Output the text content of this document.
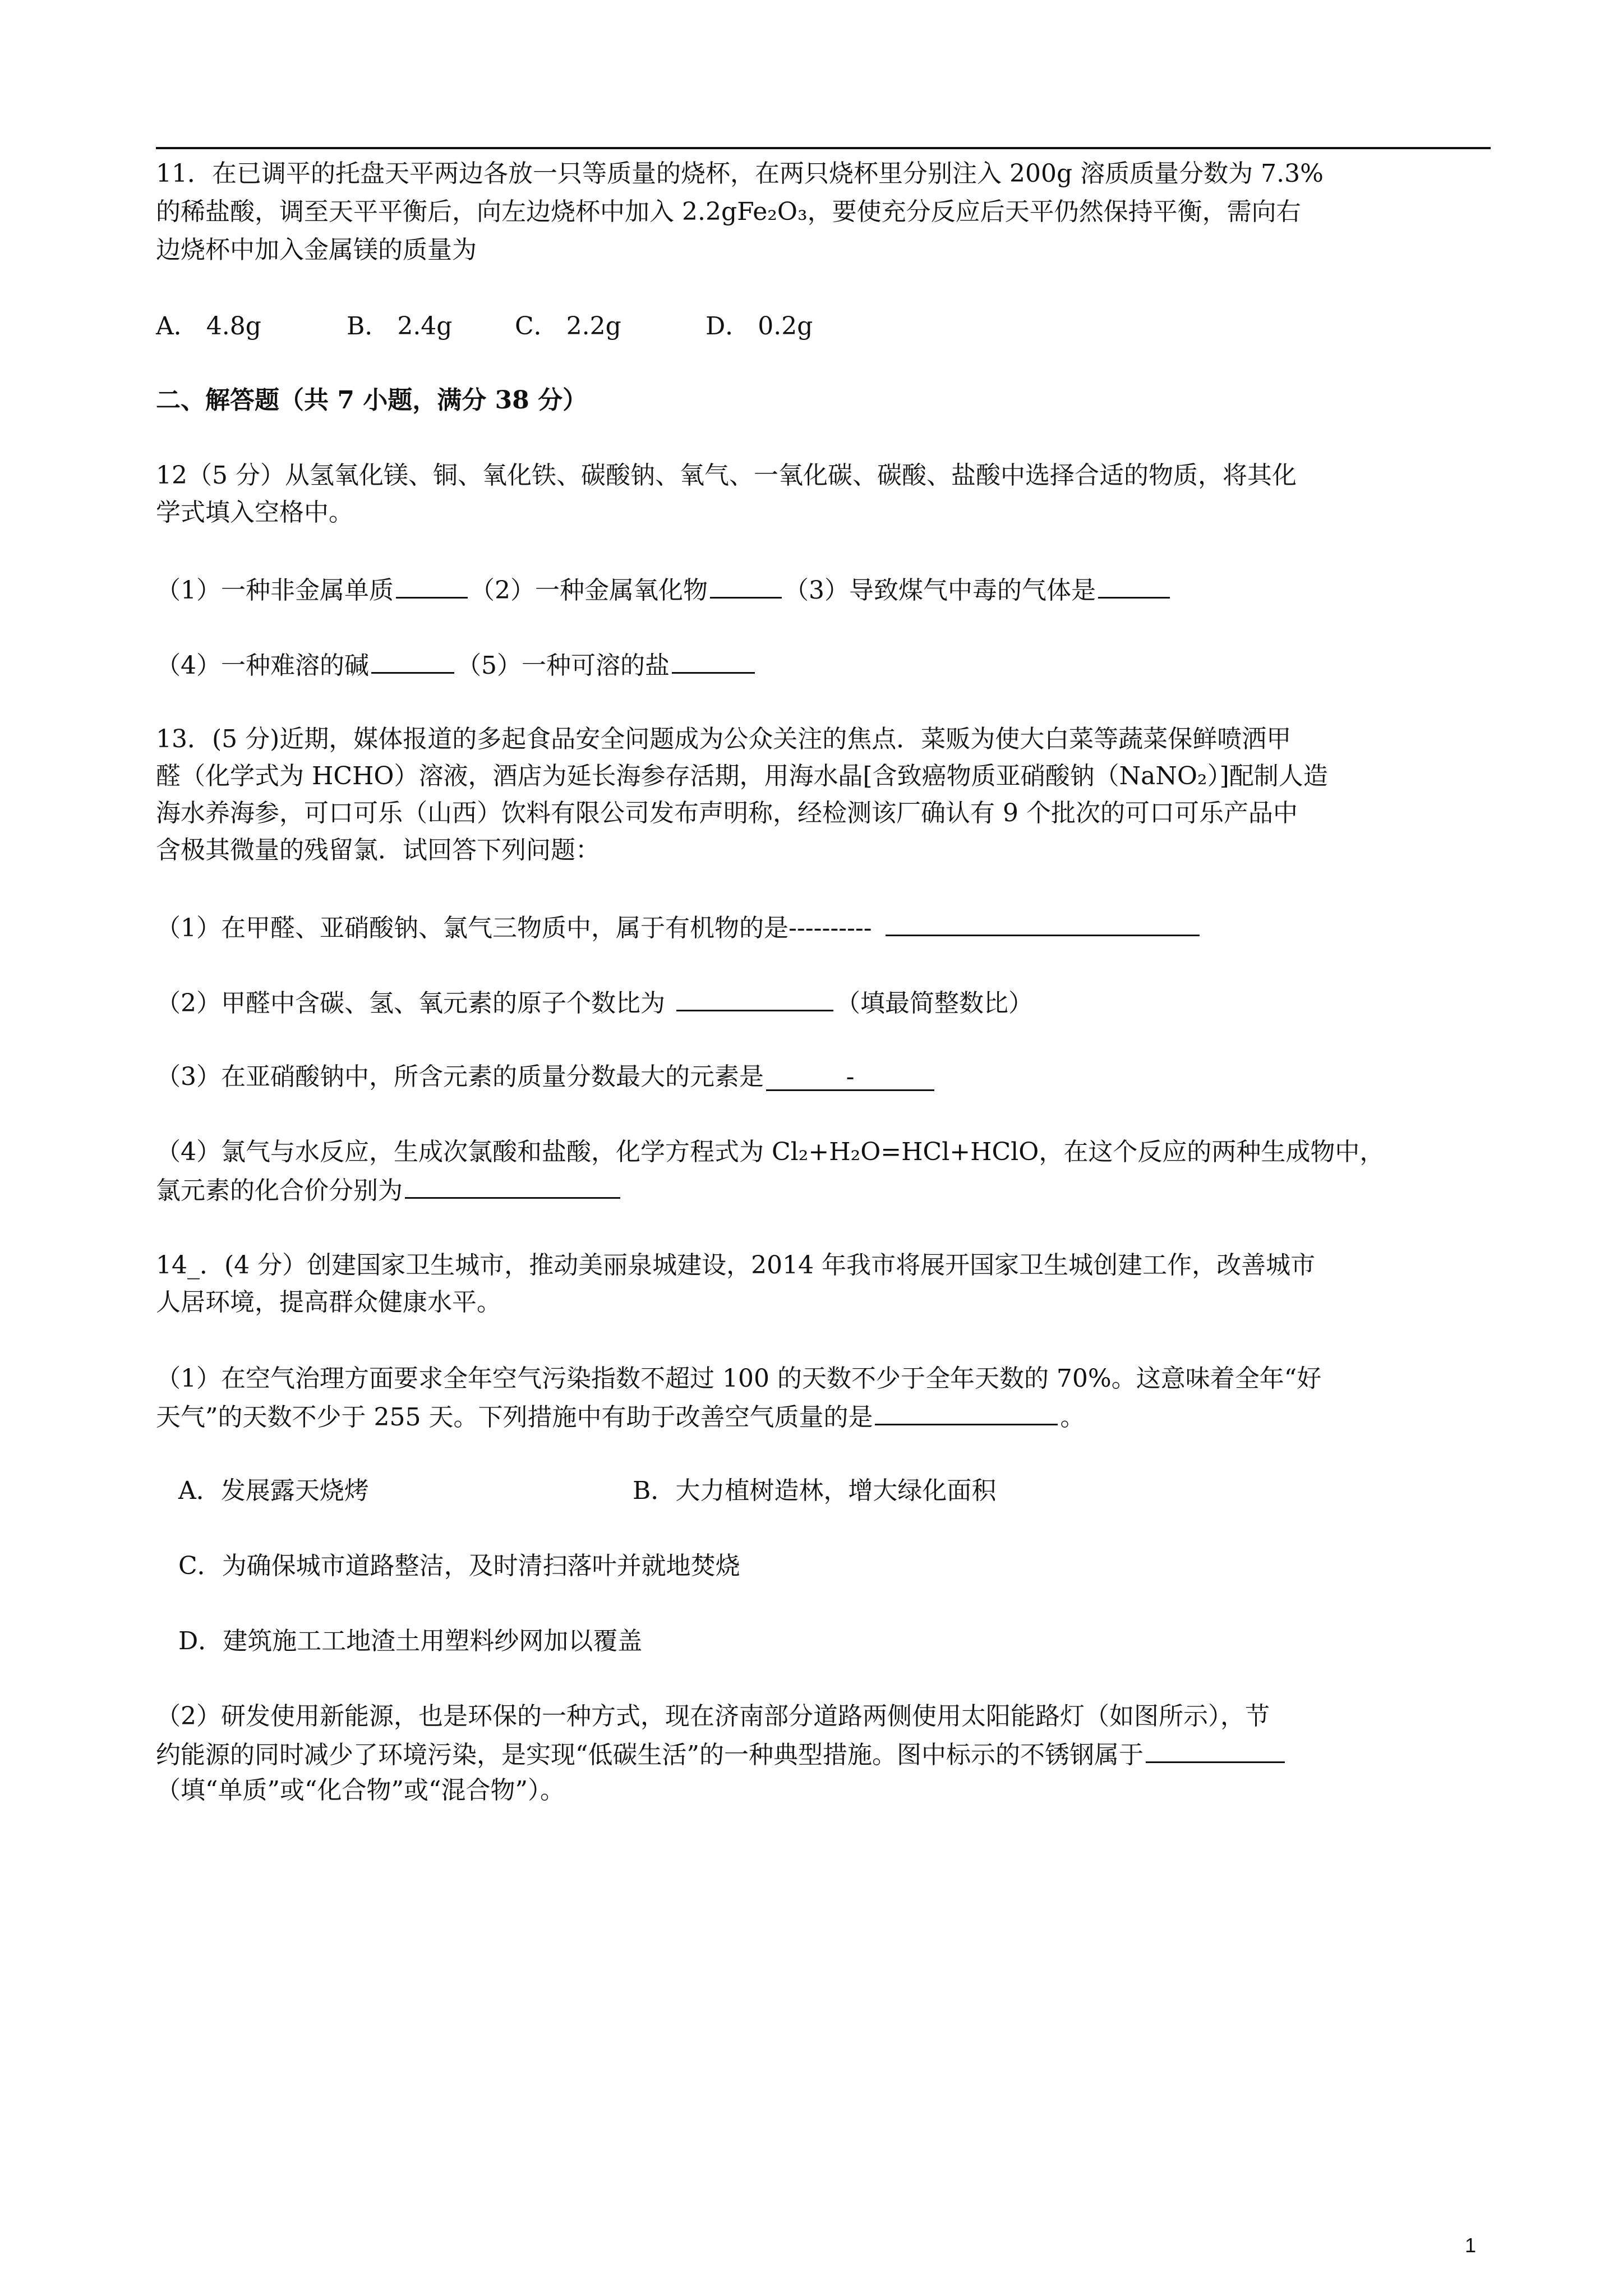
11．在已调平的托盘天平两边各放一只等质量的烧杯，在两只烧杯里分别注入 200g 溶质质量分数为 7.3%
的稀盐酸，调至天平平衡后，向左边烧杯中加入 2.2gFe₂O₃，要使充分反应后天平仍然保持平衡，需向右
边烧杯中加入金属镁的质量为
A． 4.8g	B． 2.4g	C． 2.2g	D． 0.2g
二、解答题（共 7 小题，满分 38 分）
12（5 分）从氢氧化镁、铜、氧化铁、碳酸钠、氧气、一氧化碳、碳酸、盐酸中选择合适的物质，将其化
学式填入空格中。
（1）一种非金属单质	（2）一种金属氧化物	（3）导致煤气中毒的气体是
（4）一种难溶的碱	（5）一种可溶的盐
13．(5 分)近期，媒体报道的多起食品安全问题成为公众关注的焦点．菜贩为使大白菜等蔬菜保鲜喷洒甲
醛（化学式为 HCHO）溶液，酒店为延长海参存活期，用海水晶[含致癌物质亚硝酸钠（NaNO₂）]配制人造
海水养海参，可口可乐（山西）饮料有限公司发布声明称，经检测该厂确认有 9 个批次的可口可乐产品中
含极其微量的残留氯．试回答下列问题：
（1）在甲醛、亚硝酸钠、氯气三物质中，属于有机物的是----------
（2）甲醛中含碳、氢、氧元素的原子个数比为	（填最简整数比）
（3）在亚硝酸钠中，所含元素的质量分数最大的元素是	-
（4）氯气与水反应，生成次氯酸和盐酸，化学方程式为 Cl₂+H₂O=HCl+HClO，在这个反应的两种生成物中，
氯元素的化合价分别为
14_．(4 分）创建国家卫生城市，推动美丽泉城建设，2014 年我市将展开国家卫生城创建工作，改善城市
人居环境，提高群众健康水平。
（1）在空气治理方面要求全年空气污染指数不超过 100 的天数不少于全年天数的 70%。这意味着全年“好
天气”的天数不少于 255 天。下列措施中有助于改善空气质量的是	。
A．发展露天烧烤	B．大力植树造林，增大绿化面积
C．为确保城市道路整洁，及时清扫落叶并就地焚烧
D．建筑施工工地渣土用塑料纱网加以覆盖
（2）研发使用新能源，也是环保的一种方式，现在济南部分道路两侧使用太阳能路灯（如图所示），节
约能源的同时减少了环境污染，是实现“低碳生活”的一种典型措施。图中标示的不锈钢属于
（填“单质”或“化合物”或“混合物”）。
1
